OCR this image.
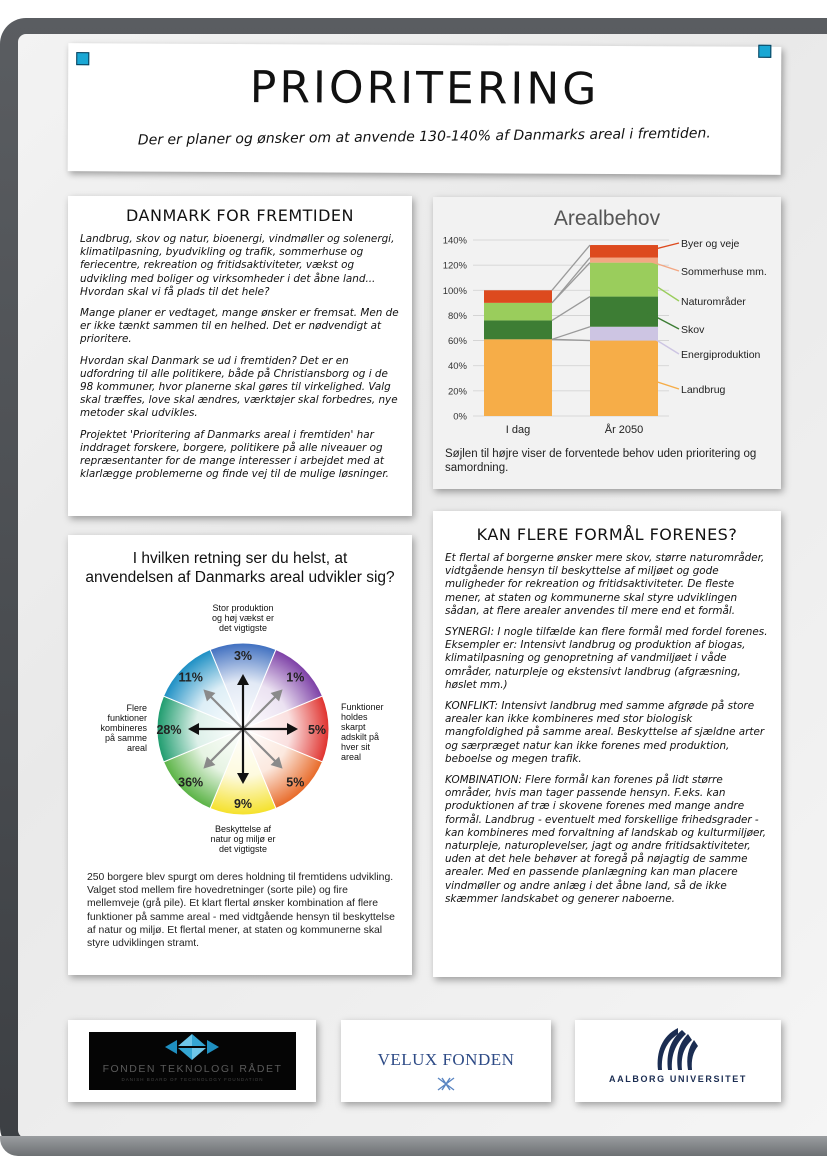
PRIORITERING
Der er planer og ønsker om at anvende 130-140% af Danmarks areal i fremtiden.
DANMARK FOR FREMTIDEN

Landbrug, skov og natur, bioenergi, vindmøller og solenergi, klimatilpasning, byudvikling og trafik, sommerhuse og feriecentre, rekreation og fritidsaktiviteter, vækst og udvikling med boliger og virksomheder i det åbne land... Hvordan skal vi få plads til det hele?

Mange planer er vedtaget, mange ønsker er fremsat. Men de er ikke tænkt sammen til en helhed. Det er nødvendigt at prioritere.

Hvordan skal Danmark se ud i fremtiden? Det er en udfordring til alle politikere, både på Christiansborg og i de 98 kommuner, hvor planerne skal gøres til virkelighed. Valg skal træffes, love skal ændres, værktøjer skal forbedres, nye metoder skal udvikles.

Projektet 'Prioritering af Danmarks areal i fremtiden' har inddraget forskere, borgere, politikere på alle niveauer og repræsentanter for de mange interesser i arbejdet med at klarlægge problemerne og finde vej til de mulige løsninger.

Arealbehov
0%
20%
40%
60%
80%
100%
120%
140%
I dag	År 2050
Landbrug
Energiproduktion
Skov
Naturområder
Sommerhuse mm.
Byer og veje
Søjlen til højre viser de forventede behov uden prioritering og samordning.
I hvilken retning ser du helst, at
anvendelsen af Danmarks areal udvikler sig?
3%
1%
5%
5%
9%
36%
28%
11%
Stor produktion og høj vækst er det vigtigste
Beskyttelse af natur og miljø er det vigtigste
Flere funktioner kombineres på samme areal
Funktioner holdes skarpt adskilt på hver sit areal
250 borgere blev spurgt om deres holdning til fremtidens udvikling. Valget stod mellem fire hovedretninger (sorte pile) og fire mellemveje (grå pile). Et klart flertal ønsker kombination af flere funktioner på samme areal - med vidtgående hensyn til beskyttelse af natur og miljø. Et flertal mener, at staten og kommunerne skal styre udviklingen stramt.
KAN FLERE FORMÅL FORENES?

Et flertal af borgerne ønsker mere skov, større naturområder, vidtgående hensyn til beskyttelse af miljøet og gode muligheder for rekreation og fritidsaktiviteter. De fleste mener, at staten og kommunerne skal styre udviklingen sådan, at flere arealer anvendes til mere end et formål.

SYNERGI: I nogle tilfælde kan flere formål med fordel forenes. Eksempler er: Intensivt landbrug og produktion af biogas, klimatilpasning og genopretning af vandmiljøet i våde områder, naturpleje og ekstensivt landbrug (afgræsning, høslet mm.)

KONFLIKT: Intensivt landbrug med samme afgrøde på store arealer kan ikke kombineres med stor biologisk mangfoldighed på samme areal. Beskyttelse af sjældne arter og særpræget natur kan ikke forenes med produktion, beboelse og megen trafik.

KOMBINATION: Flere formål kan forenes på lidt større områder, hvis man tager passende hensyn. F.eks. kan produktionen af træ i skovene forenes med mange andre formål. Landbrug - eventuelt med forskellige frihedsgrader - kan kombineres med forvaltning af landskab og kulturmiljøer, naturpleje, naturoplevelser, jagt og andre fritidsaktiviteter, uden at det hele behøver at foregå på nøjagtig de samme arealer. Med en passende planlægning kan man placere vindmøller og andre anlæg i det åbne land, så de ikke skæmmer landskabet og generer naboerne.

FONDEN TEKNOLOGI RÅDET
DANISH BOARD OF TECHNOLOGY FOUNDATION
VELUX FONDEN
AALBORG UNIVERSITET
